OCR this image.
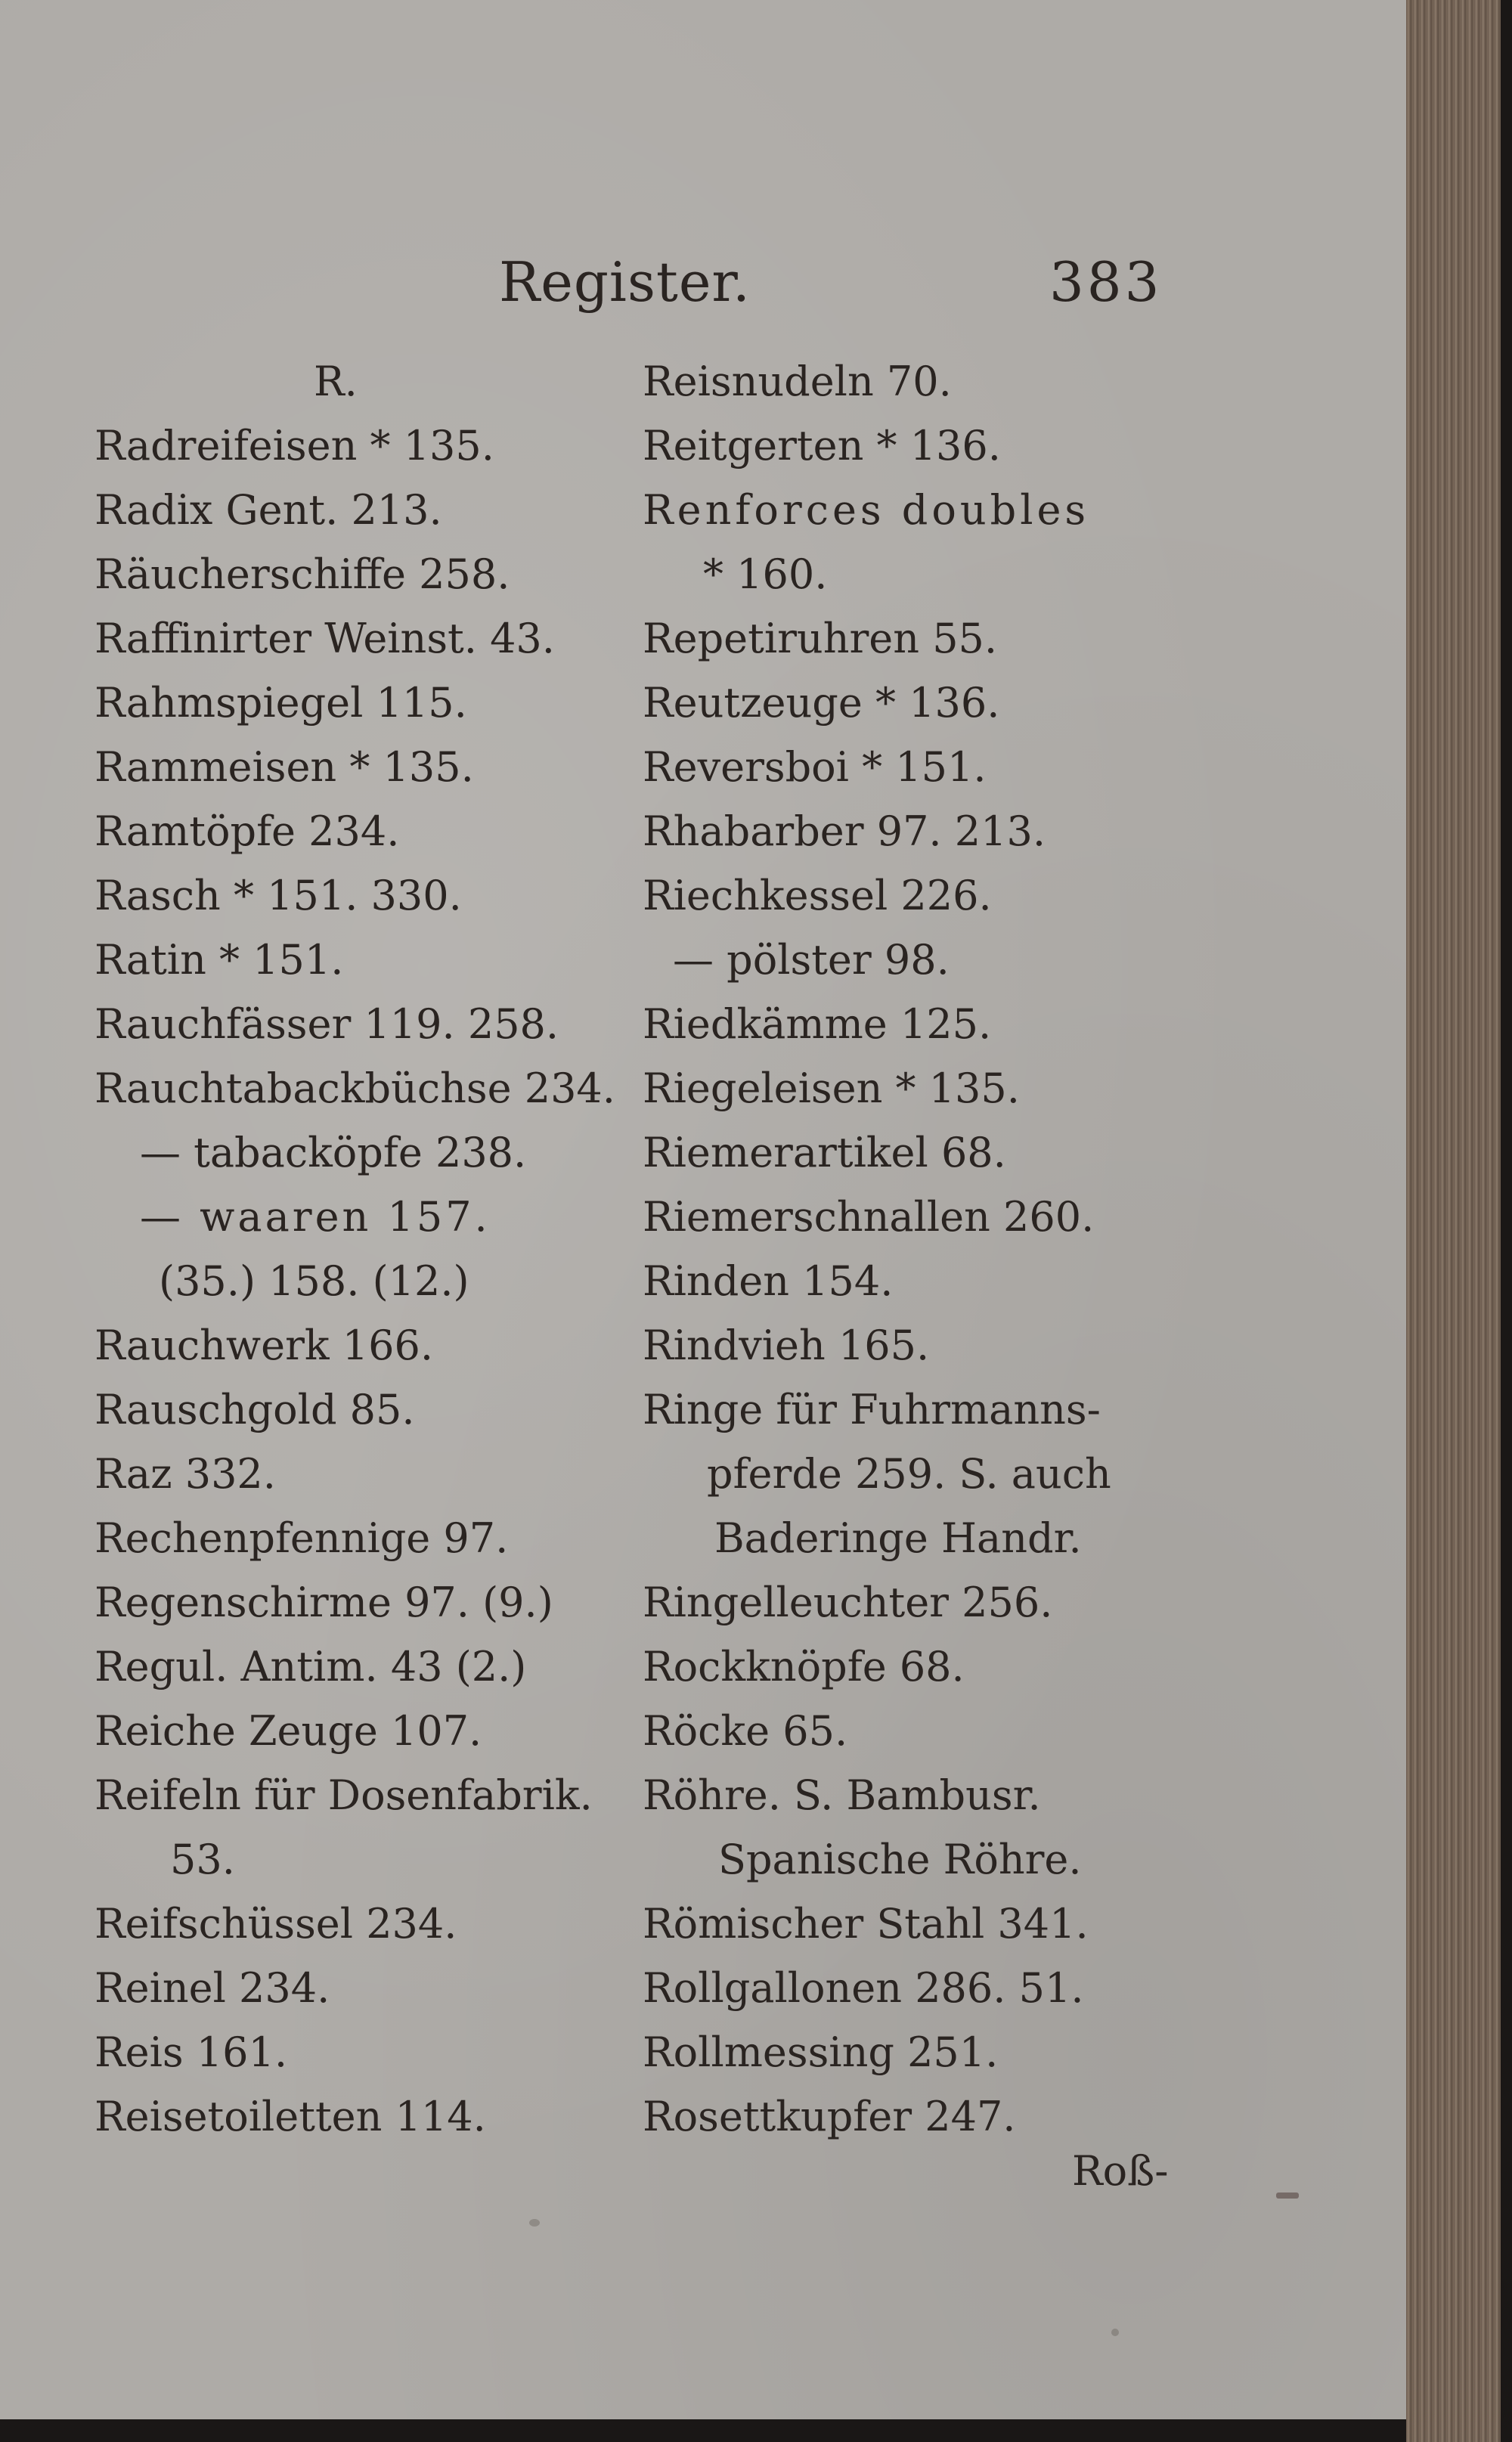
Register.	383
R.
Radreifeisen * 135.
Radix Gent. 213.
Räucherschiffe 258.
Raffinirter Weinst. 43.
Rahmspiegel 115.
Rammeisen * 135.
Ramtöpfe 234.
Rasch * 151. 330.
Ratin * 151.
Rauchfässer 119. 258.
Rauchtabackbüchse 234.
— tabacköpfe 238.
— waaren 157.
(35.) 158. (12.)
Rauchwerk 166.
Rauschgold 85.
Raz 332.
Rechenpfennige 97.
Regenschirme 97. (9.)
Regul. Antim. 43 (2.)
Reiche Zeuge 107.
Reifeln für Dosenfabrik.
53.
Reifschüssel 234.
Reinel 234.
Reis 161.
Reisetoiletten 114.
Reisnudeln 70.
Reitgerten * 136.
Renforces doubles
* 160.
Repetiruhren 55.
Reutzeuge * 136.
Reversboi * 151.
Rhabarber 97. 213.
Riechkessel 226.
— pölster 98.
Riedkämme 125.
Riegeleisen * 135.
Riemerartikel 68.
Riemerschnallen 260.
Rinden 154.
Rindvieh 165.
Ringe für Fuhrmanns-
pferde 259. S. auch
Baderinge Handr.
Ringelleuchter 256.
Rockknöpfe 68.
Röcke 65.
Röhre. S. Bambusr.
Spanische Röhre.
Römischer Stahl 341.
Rollgallonen 286. 51.
Rollmessing 251.
Rosettkupfer 247.
Roß-
